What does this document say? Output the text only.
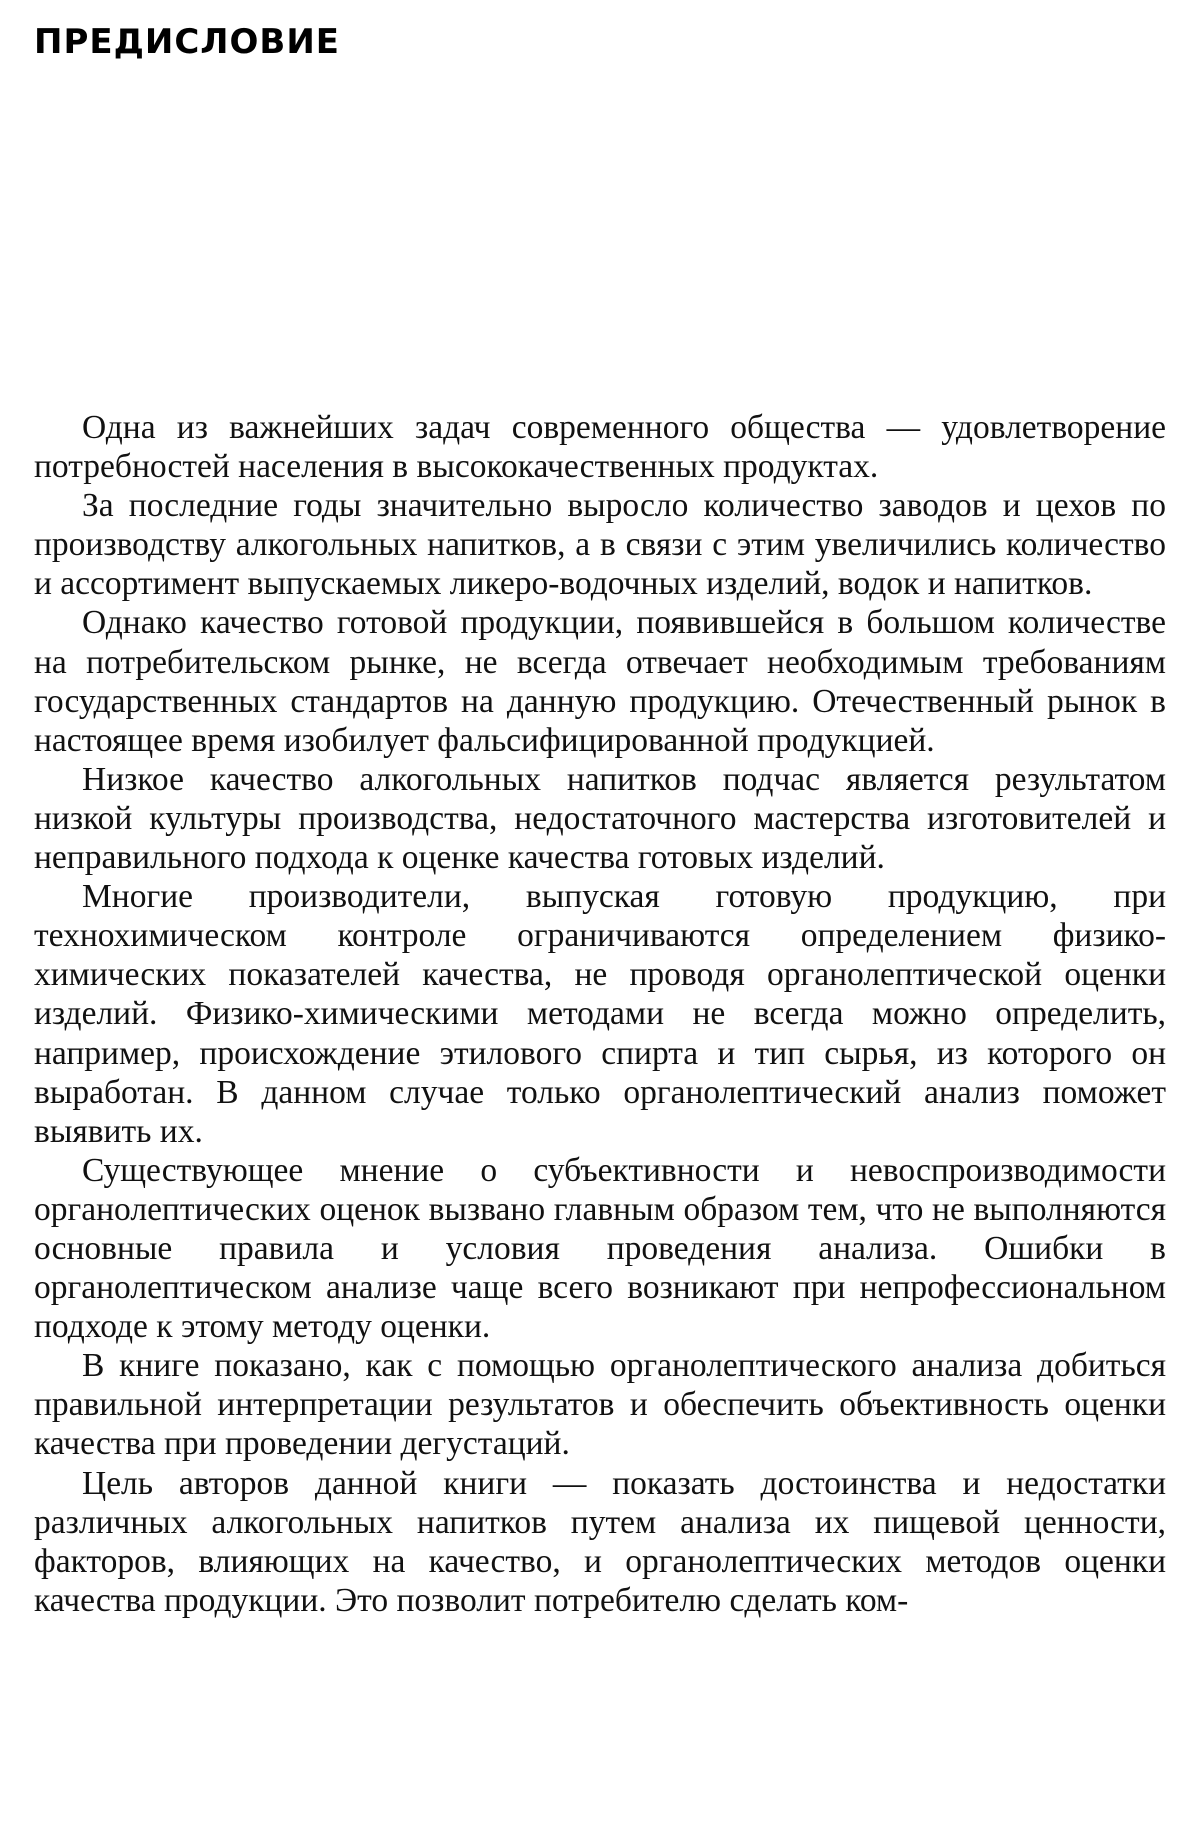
ПРЕДИСЛОВИЕ

Одна из важнейших задач современного общества — удовлетворение потребностей населения в высококачественных продуктах.

За последние годы значительно выросло количество заводов и цехов по производству алкогольных напитков, а в связи с этим увеличились количество и ассортимент выпускаемых ликеро-водочных изделий, водок и напитков.

Однако качество готовой продукции, появившейся в большом количестве на потребительском рынке, не всегда отвечает необходимым требованиям государственных стандартов на данную продукцию. Отечественный рынок в настоящее время изобилует фальсифицированной продукцией.

Низкое качество алкогольных напитков подчас является результатом низкой культуры производства, недостаточного мастерства изготовителей и неправильного подхода к оценке качества готовых изделий.

Многие производители, выпуская готовую продукцию, при технохимическом контроле ограничиваются определением физико-химических показателей качества, не проводя органолептической оценки изделий. Физико-химическими методами не всегда можно определить, например, происхождение этилового спирта и тип сырья, из которого он выработан. В данном случае только органолептический анализ поможет выявить их.

Существующее мнение о субъективности и невоспроизводимости органолептических оценок вызвано главным образом тем, что не выполняются основные правила и условия проведения анализа. Ошибки в органолептическом анализе чаще всего возникают при непрофессиональном подходе к этому методу оценки.

В книге показано, как с помощью органолептического анализа добиться правильной интерпретации результатов и обеспечить объективность оценки качества при проведении дегустаций.

Цель авторов данной книги — показать достоинства и недостатки различных алкогольных напитков путем анализа их пищевой ценности, факторов, влияющих на качество, и органолептических методов оценки качества продукции. Это позволит потребителю сделать ком-
